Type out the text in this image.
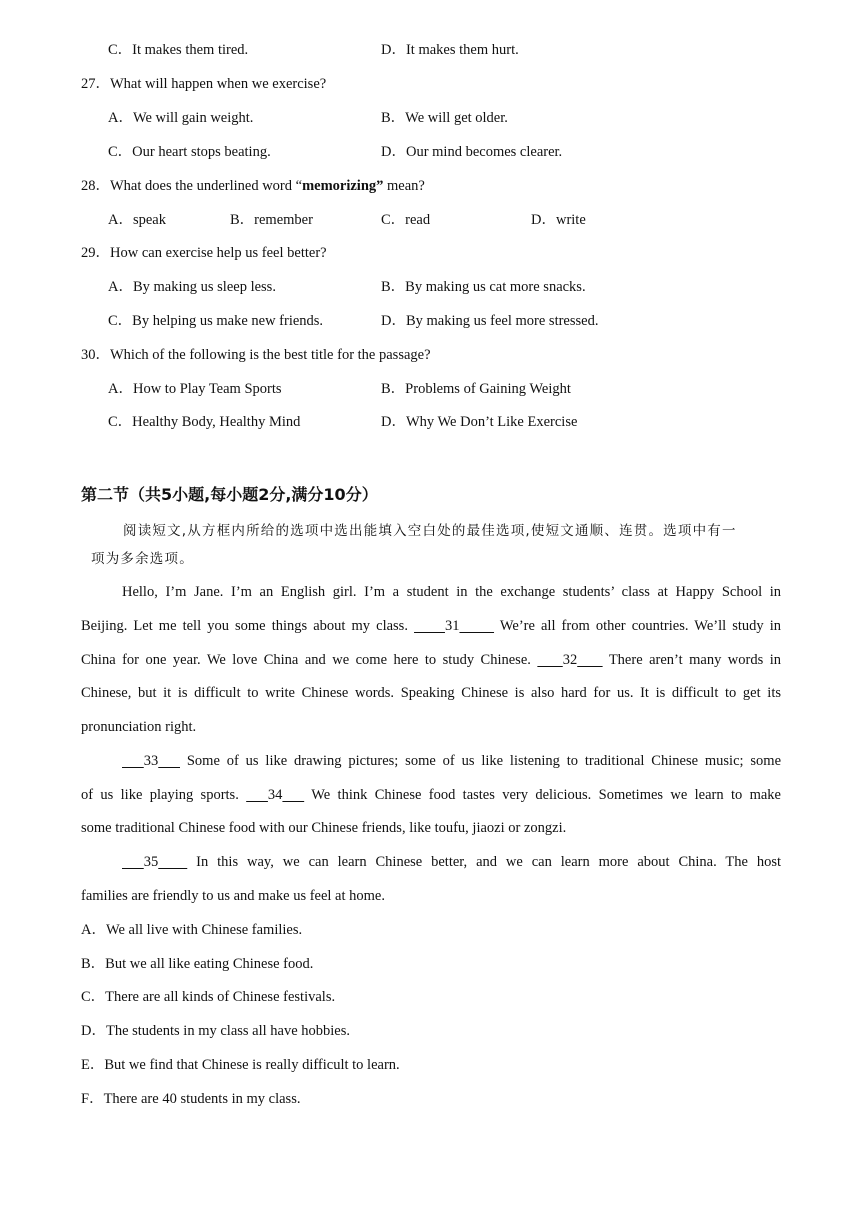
C．It makes them tired.	D．It makes them hurt.
27．What will happen when we exercise?
A．We will gain weight.	B．We will get older.
C．Our heart stops beating.	D．Our mind becomes clearer.
28．What does the underlined word “memorizing” mean?
A．speak	B．remember	C．read	D．write
29．How can exercise help us feel better?
A．By making us sleep less.	B．By making us cat more snacks.
C．By helping us make new friends.	D．By making us feel more stressed.
30．Which of the following is the best title for the passage?
A．How to Play Team Sports	B．Problems of Gaining Weight
C．Healthy Body, Healthy Mind	D．Why We Don’t Like Exercise
第二节（共5小题,每小题2分,满分10分）
阅读短文,从方框内所给的选项中选出能填入空白处的最佳选项,使短文通顺、连贯。选项中有一
项为多余选项。
Hello, I’m Jane. I’m an English girl. I’m a student in the exchange students’ class at Happy School in
Beijing. Let me tell you some things about my class.	31	We’re all from other countries. We’ll study in
China for one year. We love China and we come here to study Chinese. 32 There aren’t many words in
Chinese, but it is difficult to write Chinese words. Speaking Chinese is also hard for us. It is difficult to get its
pronunciation right.
33 Some of us like drawing pictures; some of us like listening to traditional Chinese music; some
of us like playing sports. 34 We think Chinese food tastes very delicious. Sometimes we learn to make
some traditional Chinese food with our Chinese friends, like toufu, jiaozi or zongzi.
35	In this way, we can learn Chinese better, and we can learn more about China. The host
families are friendly to us and make us feel at home.
A．We all live with Chinese families.
B．But we all like eating Chinese food.
C．There are all kinds of Chinese festivals.
D．The students in my class all have hobbies.
E．But we find that Chinese is really difficult to learn.
F．There are 40 students in my class.
